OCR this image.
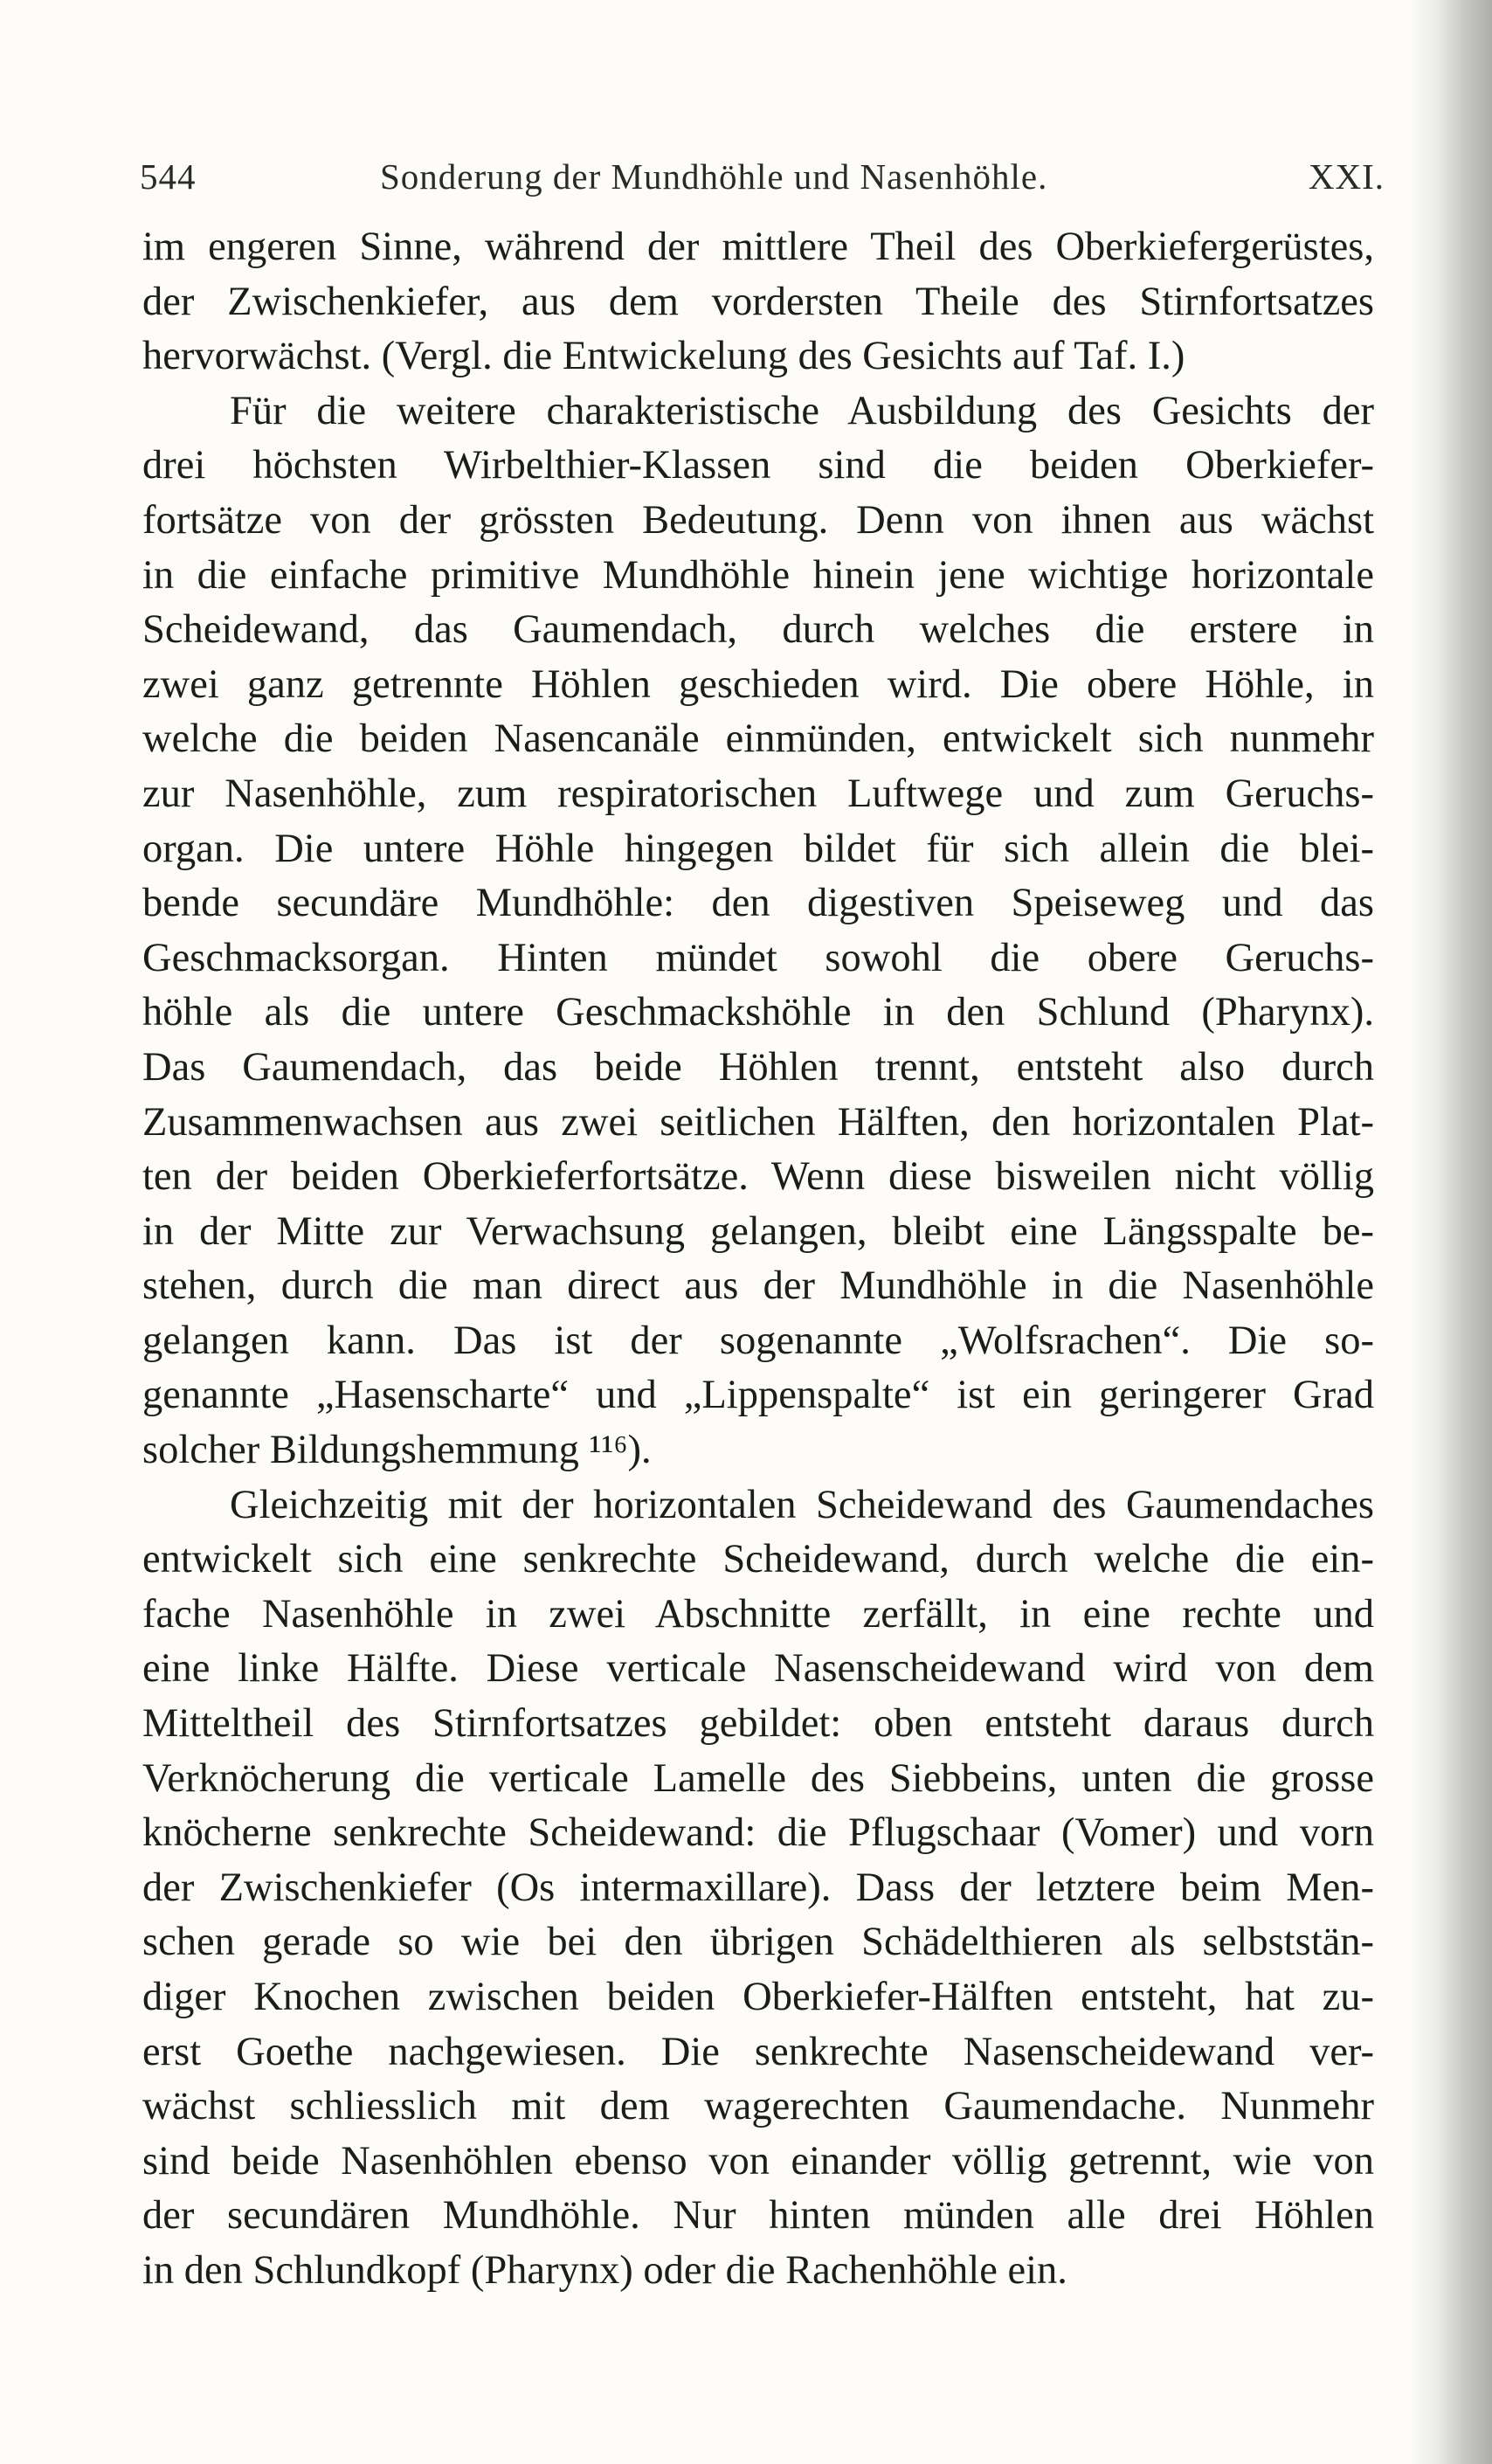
544	Sonderung der Mundhöhle und Nasenhöhle.	XXI.
im engeren Sinne, während der mittlere Theil des Oberkiefergerüstes,
der Zwischenkiefer, aus dem vordersten Theile des Stirnfortsatzes
hervorwächst. (Vergl. die Entwickelung des Gesichts auf Taf. I.)
Für die weitere charakteristische Ausbildung des Gesichts der
drei höchsten Wirbelthier-Klassen sind die beiden Oberkiefer-
fortsätze von der grössten Bedeutung. Denn von ihnen aus wächst
in die einfache primitive Mundhöhle hinein jene wichtige horizontale
Scheidewand, das Gaumendach, durch welches die erstere in
zwei ganz getrennte Höhlen geschieden wird. Die obere Höhle, in
welche die beiden Nasencanäle einmünden, entwickelt sich nunmehr
zur Nasenhöhle, zum respiratorischen Luftwege und zum Geruchs-
organ. Die untere Höhle hingegen bildet für sich allein die blei-
bende secundäre Mundhöhle: den digestiven Speiseweg und das
Geschmacksorgan. Hinten mündet sowohl die obere Geruchs-
höhle als die untere Geschmackshöhle in den Schlund (Pharynx).
Das Gaumendach, das beide Höhlen trennt, entsteht also durch
Zusammenwachsen aus zwei seitlichen Hälften, den horizontalen Plat-
ten der beiden Oberkieferfortsätze. Wenn diese bisweilen nicht völlig
in der Mitte zur Verwachsung gelangen, bleibt eine Längsspalte be-
stehen, durch die man direct aus der Mundhöhle in die Nasenhöhle
gelangen kann. Das ist der sogenannte „Wolfsrachen“. Die so-
genannte „Hasenscharte“ und „Lippenspalte“ ist ein geringerer Grad
solcher Bildungshemmung ¹¹⁶).
Gleichzeitig mit der horizontalen Scheidewand des Gaumendaches
entwickelt sich eine senkrechte Scheidewand, durch welche die ein-
fache Nasenhöhle in zwei Abschnitte zerfällt, in eine rechte und
eine linke Hälfte. Diese verticale Nasenscheidewand wird von dem
Mitteltheil des Stirnfortsatzes gebildet: oben entsteht daraus durch
Verknöcherung die verticale Lamelle des Siebbeins, unten die grosse
knöcherne senkrechte Scheidewand: die Pflugschaar (Vomer) und vorn
der Zwischenkiefer (Os intermaxillare). Dass der letztere beim Men-
schen gerade so wie bei den übrigen Schädelthieren als selbststän-
diger Knochen zwischen beiden Oberkiefer-Hälften entsteht, hat zu-
erst Goethe nachgewiesen. Die senkrechte Nasenscheidewand ver-
wächst schliesslich mit dem wagerechten Gaumendache. Nunmehr
sind beide Nasenhöhlen ebenso von einander völlig getrennt, wie von
der secundären Mundhöhle. Nur hinten münden alle drei Höhlen
in den Schlundkopf (Pharynx) oder die Rachenhöhle ein.
